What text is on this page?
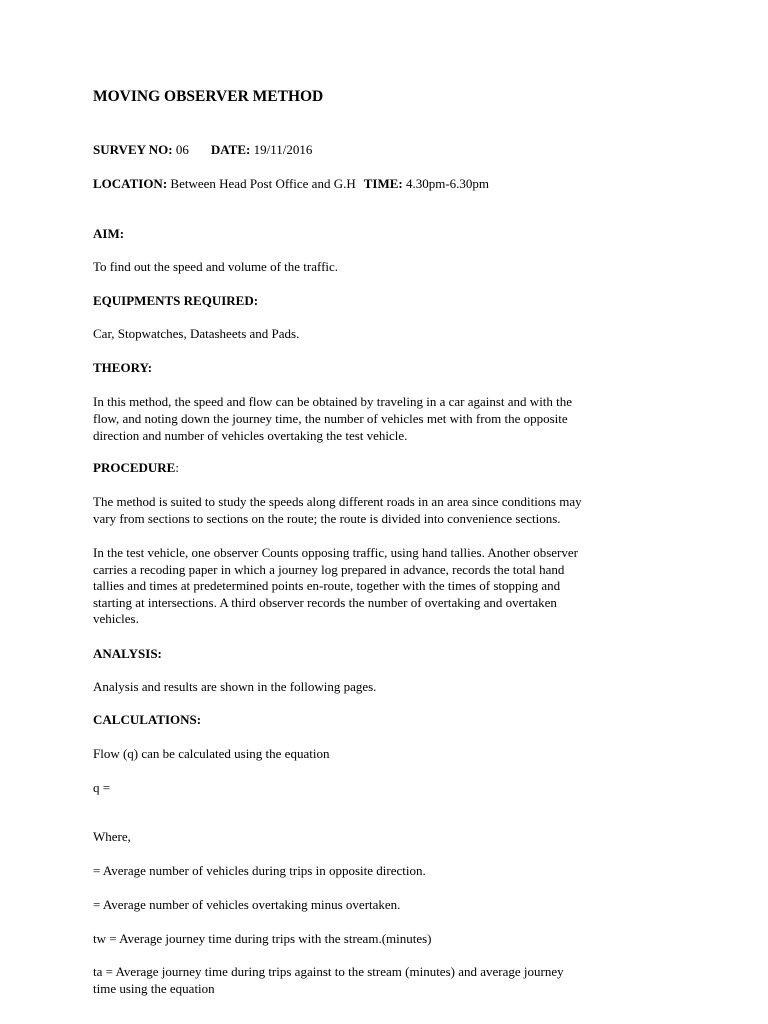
MOVING OBSERVER METHOD
SURVEY NO: 06 DATE: 19/11/2016
LOCATION: Between Head Post Office and G.H TIME: 4.30pm-6.30pm
AIM:
To find out the speed and volume of the traffic.
EQUIPMENTS REQUIRED:
Car, Stopwatches, Datasheets and Pads.
THEORY:
In this method, the speed and flow can be obtained by traveling in a car against and with the
flow, and noting down the journey time, the number of vehicles met with from the opposite
direction and number of vehicles overtaking the test vehicle.
PROCEDURE:
The method is suited to study the speeds along different roads in an area since conditions may
vary from sections to sections on the route; the route is divided into convenience sections.
In the test vehicle, one observer Counts opposing traffic, using hand tallies. Another observer
carries a recoding paper in which a journey log prepared in advance, records the total hand
tallies and times at predetermined points en-route, together with the times of stopping and
starting at intersections. A third observer records the number of overtaking and overtaken
vehicles.
ANALYSIS:
Analysis and results are shown in the following pages.
CALCULATIONS:
Flow (q) can be calculated using the equation
q =
Where,
= Average number of vehicles during trips in opposite direction.
= Average number of vehicles overtaking minus overtaken.
tw = Average journey time during trips with the stream.(minutes)
ta = Average journey time during trips against to the stream (minutes) and average journey
time using the equation
